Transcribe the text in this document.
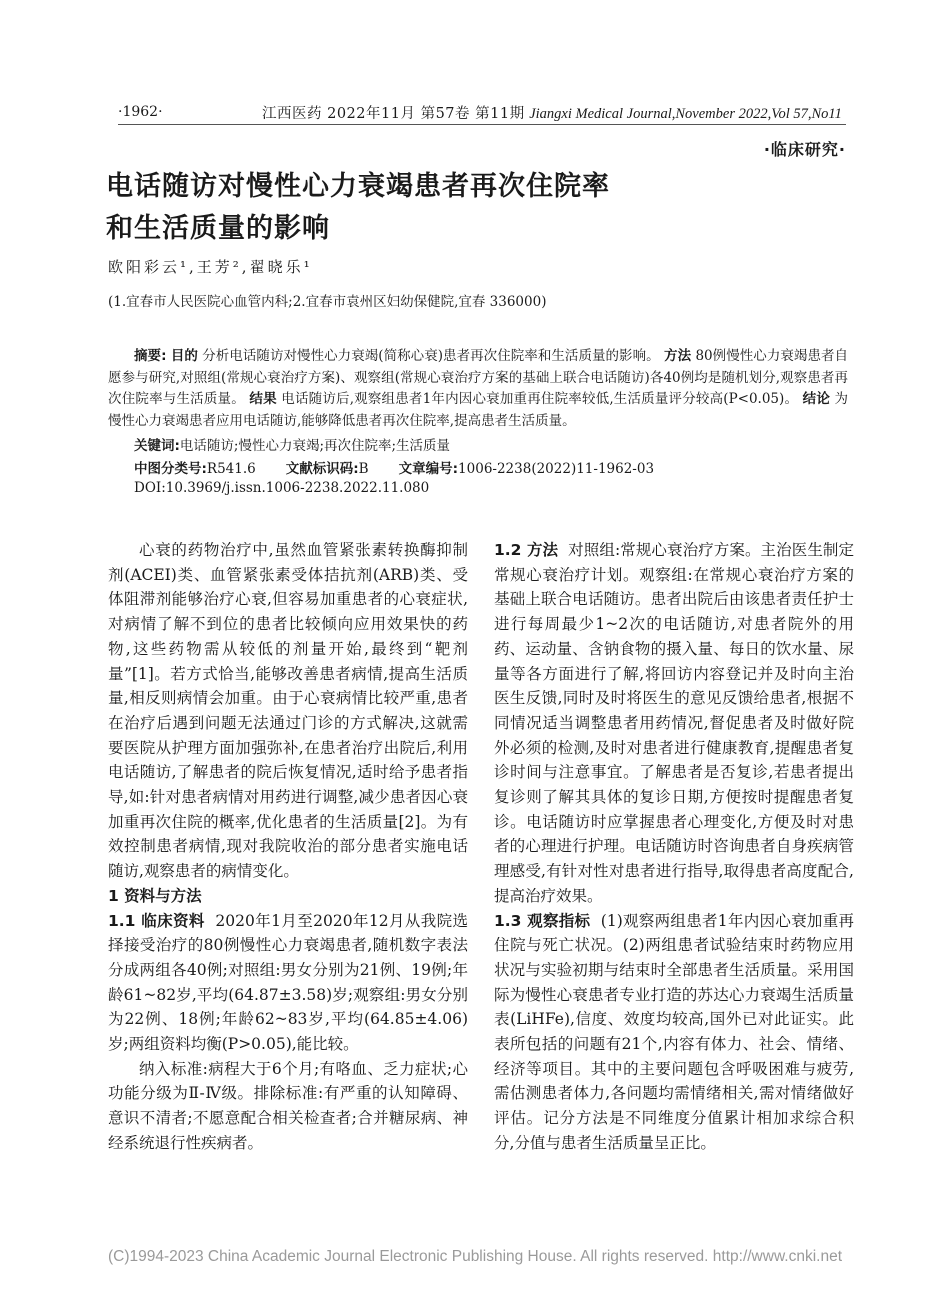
·1962·	江西医药 2022年11月 第57卷 第11期 Jiangxi Medical Journal,November 2022,Vol 57,No11
·临床研究·
电话随访对慢性心力衰竭患者再次住院率
和生活质量的影响
欧阳彩云¹,王芳²,翟晓乐¹
(1.宜春市人民医院心血管内科;2.宜春市袁州区妇幼保健院,宜春 336000)

摘要: 目的 分析电话随访对慢性心力衰竭(简称心衰)患者再次住院率和生活质量的影响。 方法 80例慢性心力衰竭患者自愿参与研究,对照组(常规心衰治疗方案)、观察组(常规心衰治疗方案的基础上联合电话随访)各40例均是随机划分,观察患者再次住院率与生活质量。 结果 电话随访后,观察组患者1年内因心衰加重再住院率较低,生活质量评分较高(P<0.05)。 结论 为慢性心力衰竭患者应用电话随访,能够降低患者再次住院率,提高患者生活质量。

关键词:电话随访;慢性心力衰竭;再次住院率;生活质量
中图分类号:R541.6 文献标识码:B 文章编号:1006-2238(2022)11-1962-03
DOI:10.3969/j.issn.1006-2238.2022.11.080

心衰的药物治疗中,虽然血管紧张素转换酶抑制剂(ACEI)类、血管紧张素受体拮抗剂(ARB)类、受体阻滞剂能够治疗心衰,但容易加重患者的心衰症状,对病情了解不到位的患者比较倾向应用效果快的药物,这些药物需从较低的剂量开始,最终到“靶剂量”[1]。若方式恰当,能够改善患者病情,提高生活质量,相反则病情会加重。由于心衰病情比较严重,患者在治疗后遇到问题无法通过门诊的方式解决,这就需要医院从护理方面加强弥补,在患者治疗出院后,利用电话随访,了解患者的院后恢复情况,适时给予患者指导,如:针对患者病情对用药进行调整,减少患者因心衰加重再次住院的概率,优化患者的生活质量[2]。为有效控制患者病情,现对我院收治的部分患者实施电话随访,观察患者的病情变化。

1 资料与方法

1.1 临床资料 2020年1月至2020年12月从我院选择接受治疗的80例慢性心力衰竭患者,随机数字表法分成两组各40例;对照组:男女分别为21例、19例;年龄61~82岁,平均(64.87±3.58)岁;观察组:男女分别为22例、18例;年龄62~83岁,平均(64.85±4.06)岁;两组资料均衡(P>0.05),能比较。

纳入标准:病程大于6个月;有咯血、乏力症状;心功能分级为Ⅱ-Ⅳ级。排除标准:有严重的认知障碍、意识不清者;不愿意配合相关检查者;合并糖尿病、神经系统退行性疾病者。

1.2 方法 对照组:常规心衰治疗方案。主治医生制定常规心衰治疗计划。观察组:在常规心衰治疗方案的基础上联合电话随访。患者出院后由该患者责任护士进行每周最少1~2次的电话随访,对患者院外的用药、运动量、含钠食物的摄入量、每日的饮水量、尿量等各方面进行了解,将回访内容登记并及时向主治医生反馈,同时及时将医生的意见反馈给患者,根据不同情况适当调整患者用药情况,督促患者及时做好院外必须的检测,及时对患者进行健康教育,提醒患者复诊时间与注意事宜。了解患者是否复诊,若患者提出复诊则了解其具体的复诊日期,方便按时提醒患者复诊。电话随访时应掌握患者心理变化,方便及时对患者的心理进行护理。电话随访时咨询患者自身疾病管理感受,有针对性对患者进行指导,取得患者高度配合,提高治疗效果。

1.3 观察指标 (1)观察两组患者1年内因心衰加重再住院与死亡状况。(2)两组患者试验结束时药物应用状况与实验初期与结束时全部患者生活质量。采用国际为慢性心衰患者专业打造的苏达心力衰竭生活质量表(LiHFe),信度、效度均较高,国外已对此证实。此表所包括的问题有21个,内容有体力、社会、情绪、经济等项目。其中的主要问题包含呼吸困难与疲劳,需估测患者体力,各问题均需情绪相关,需对情绪做好评估。记分方法是不同维度分值累计相加求综合积分,分值与患者生活质量呈正比。

(C)1994-2023 China Academic Journal Electronic Publishing House. All rights reserved. http://www.cnki.net
